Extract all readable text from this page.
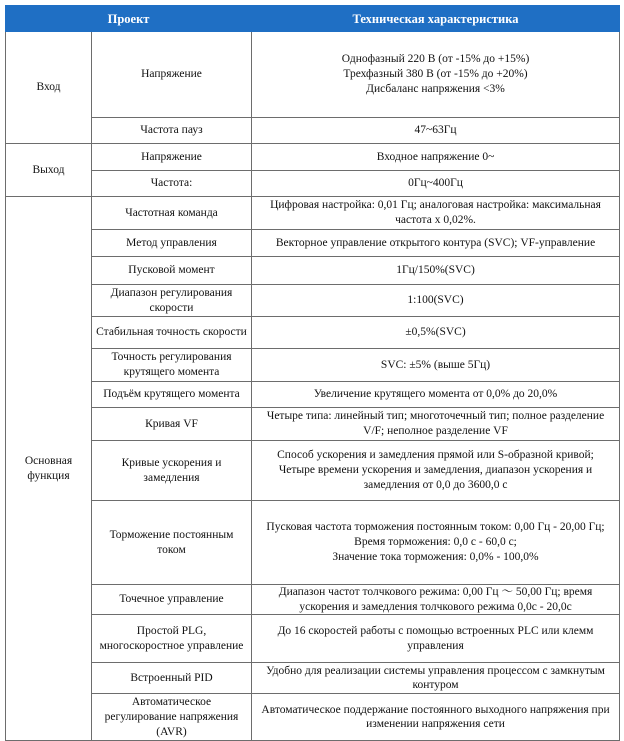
Проект		Техническая характеристика
Вход	Напряжение	Однофазный 220 В (от -15% до +15%)
Трехфазный 380 В (от -15% до +20%)
Дисбаланс напряжения <3%

	Частота пауз	47~63Гц
Выход	Напряжение	Входное напряжение 0~
	Частота:	0Гц~400Гц
Основная функция	Частотная команда	Цифровая настройка: 0,01 Гц; аналоговая настройка: максимальная частота x 0,02%.
	Метод управления	Векторное управление открытого контура (SVC); VF-управление
	Пусковой момент	1Гц/150%(SVC)
	Диапазон регулирования скорости	1:100(SVC)
	Стабильная точность скорости	±0,5%(SVC)
	Точность регулирования крутящего момента	SVC: ±5% (выше 5Гц)
	Подъём крутящего момента	Увеличение крутящего момента от 0,0% до 20,0%
	Кривая VF	Четыре типа: линейный тип; многоточечный тип; полное разделение V/F; неполное разделение VF
	Кривые ускорения и замедления	Способ ускорения и замедления прямой или S-образной кривой;
Четыре времени ускорения и замедления, диапазон ускорения и замедления от 0,0 до 3600,0 с

	Торможение постоянным током	Пусковая частота торможения постоянным током: 0,00 Гц - 20,00 Гц;
Время торможения: 0,0 с - 60,0 с;
Значение тока торможения: 0,0% - 100,0%

	Точечное управление	Диапазон частот толчкового режима: 0,00 Гц ～ 50,00 Гц; время ускорения и замедления толчкового режима 0,0с - 20,0с
	Простой PLG, многоскоростное управление	До 16 скоростей работы с помощью встроенных PLC или клемм управления
	Встроенный PID	Удобно для реализации системы управления процессом с замкнутым контуром
	Автоматическое регулирование напряжения (AVR)	Автоматическое поддержание постоянного выходного напряжения при изменении напряжения сети
